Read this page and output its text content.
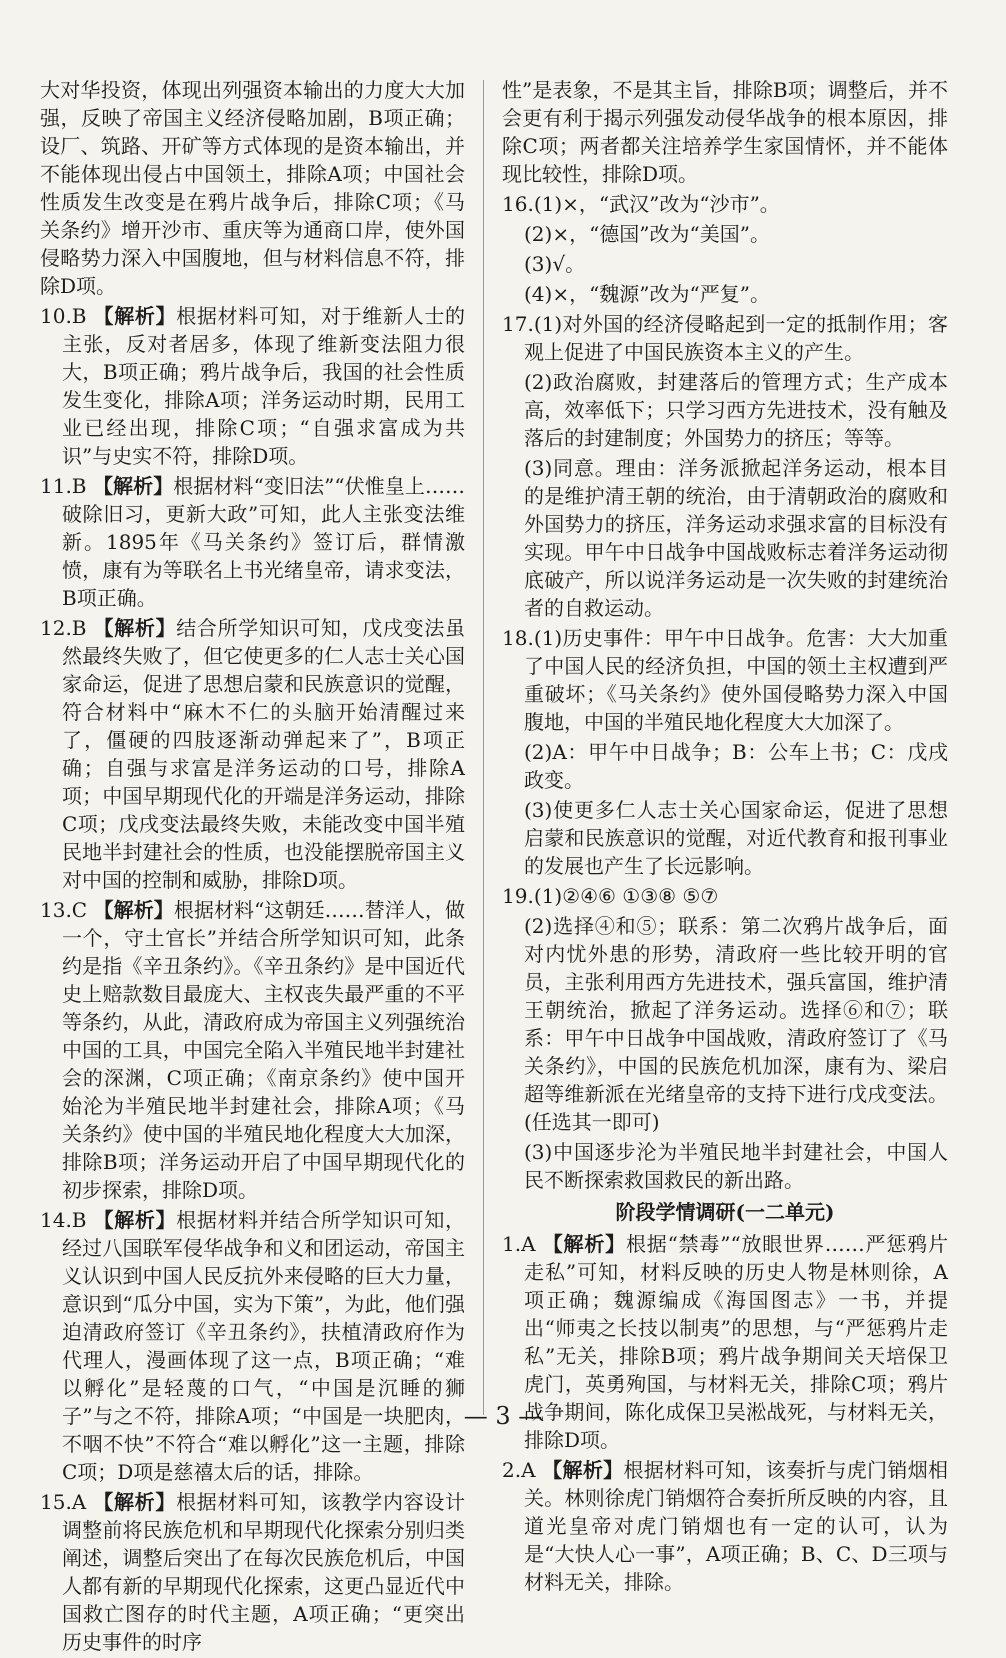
大对华投资，体现出列强资本输出的力度大大加强，反映了帝国主义经济侵略加剧，B项正确；设厂、筑路、开矿等方式体现的是资本输出，并不能体现出侵占中国领土，排除A项；中国社会性质发生改变是在鸦片战争后，排除C项；《马关条约》增开沙市、重庆等为通商口岸，使外国侵略势力深入中国腹地，但与材料信息不符，排除D项。
10.B 【解析】根据材料可知，对于维新人士的主张，反对者居多，体现了维新变法阻力很大，B项正确；鸦片战争后，我国的社会性质发生变化，排除A项；洋务运动时期，民用工业已经出现，排除C项；“自强求富成为共识”与史实不符，排除D项。
11.B 【解析】根据材料“变旧法”“伏惟皇上……破除旧习，更新大政”可知，此人主张变法维新。1895年《马关条约》签订后，群情激愤，康有为等联名上书光绪皇帝，请求变法，B项正确。
12.B 【解析】结合所学知识可知，戊戌变法虽然最终失败了，但它使更多的仁人志士关心国家命运，促进了思想启蒙和民族意识的觉醒，符合材料中“麻木不仁的头脑开始清醒过来了，僵硬的四肢逐渐动弹起来了”，B项正确；自强与求富是洋务运动的口号，排除A项；中国早期现代化的开端是洋务运动，排除C项；戊戌变法最终失败，未能改变中国半殖民地半封建社会的性质，也没能摆脱帝国主义对中国的控制和威胁，排除D项。
13.C 【解析】根据材料“这朝廷……替洋人，做一个，守土官长”并结合所学知识可知，此条约是指《辛丑条约》。《辛丑条约》是中国近代史上赔款数目最庞大、主权丧失最严重的不平等条约，从此，清政府成为帝国主义列强统治中国的工具，中国完全陷入半殖民地半封建社会的深渊，C项正确；《南京条约》使中国开始沦为半殖民地半封建社会，排除A项；《马关条约》使中国的半殖民地化程度大大加深，排除B项；洋务运动开启了中国早期现代化的初步探索，排除D项。
14.B 【解析】根据材料并结合所学知识可知，经过八国联军侵华战争和义和团运动，帝国主义认识到中国人民反抗外来侵略的巨大力量，意识到“瓜分中国，实为下策”，为此，他们强迫清政府签订《辛丑条约》，扶植清政府作为代理人，漫画体现了这一点，B项正确；“难以孵化”是轻蔑的口气，“中国是沉睡的狮子”与之不符，排除A项；“中国是一块肥肉，不咽不快”不符合“难以孵化”这一主题，排除C项；D项是慈禧太后的话，排除。
15.A 【解析】根据材料可知，该教学内容设计调整前将民族危机和早期现代化探索分别归类阐述，调整后突出了在每次民族危机后，中国人都有新的早期现代化探索，这更凸显近代中国救亡图存的时代主题，A项正确；“更突出历史事件的时序
性”是表象，不是其主旨，排除B项；调整后，并不会更有利于揭示列强发动侵华战争的根本原因，排除C项；两者都关注培养学生家国情怀，并不能体现比较性，排除D项。
16.(1)×，“武汉”改为“沙市”。
(2)×，“德国”改为“美国”。
(3)√。
(4)×，“魏源”改为“严复”。
17.(1)对外国的经济侵略起到一定的抵制作用；客观上促进了中国民族资本主义的产生。
(2)政治腐败，封建落后的管理方式；生产成本高，效率低下；只学习西方先进技术，没有触及落后的封建制度；外国势力的挤压；等等。
(3)同意。理由：洋务派掀起洋务运动，根本目的是维护清王朝的统治，由于清朝政治的腐败和外国势力的挤压，洋务运动求强求富的目标没有实现。甲午中日战争中国战败标志着洋务运动彻底破产，所以说洋务运动是一次失败的封建统治者的自救运动。
18.(1)历史事件：甲午中日战争。危害：大大加重了中国人民的经济负担，中国的领土主权遭到严重破坏；《马关条约》使外国侵略势力深入中国腹地，中国的半殖民地化程度大大加深了。
(2)A：甲午中日战争；B：公车上书；C：戊戌政变。
(3)使更多仁人志士关心国家命运，促进了思想启蒙和民族意识的觉醒，对近代教育和报刊事业的发展也产生了长远影响。
19.(1)②④⑥ ①③⑧ ⑤⑦
(2)选择④和⑤；联系：第二次鸦片战争后，面对内忧外患的形势，清政府一些比较开明的官员，主张利用西方先进技术，强兵富国，维护清王朝统治，掀起了洋务运动。选择⑥和⑦；联系：甲午中日战争中国战败，清政府签订了《马关条约》，中国的民族危机加深，康有为、梁启超等维新派在光绪皇帝的支持下进行戊戌变法。(任选其一即可)
(3)中国逐步沦为半殖民地半封建社会，中国人民不断探索救国救民的新出路。
阶段学情调研(一二单元)
1.A 【解析】根据“禁毒”“放眼世界……严惩鸦片走私”可知，材料反映的历史人物是林则徐，A项正确；魏源编成《海国图志》一书，并提出“师夷之长技以制夷”的思想，与“严惩鸦片走私”无关，排除B项；鸦片战争期间关天培保卫虎门，英勇殉国，与材料无关，排除C项；鸦片战争期间，陈化成保卫吴淞战死，与材料无关，排除D项。
2.A 【解析】根据材料可知，该奏折与虎门销烟相关。林则徐虎门销烟符合奏折所反映的内容，且道光皇帝对虎门销烟也有一定的认可，认为是“大快人心一事”，A项正确；B、C、D三项与材料无关，排除。
— 3 —
